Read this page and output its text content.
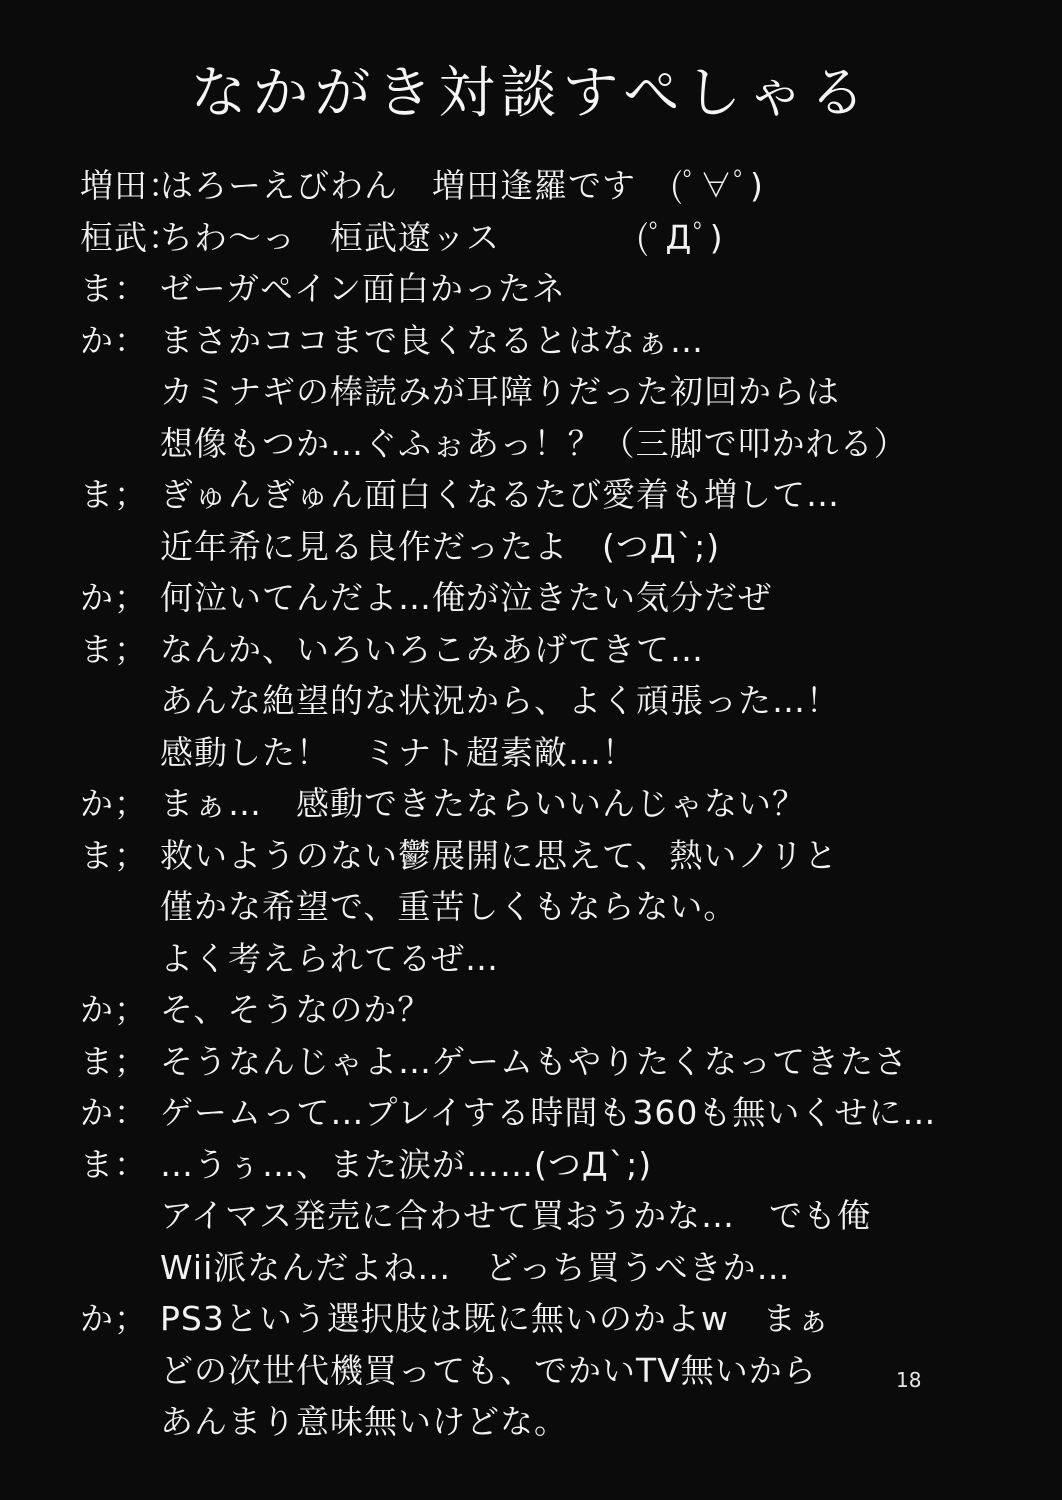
なかがき対談すぺしゃる
増田：
はろーえびわん　増田逢羅です　(ﾟ∀ﾟ)
桓武：
ちわ〜っ　桓武遼ッス　　　　(ﾟДﾟ)
ま： ゼーガペイン面白かったネ
か： まさかココまで良くなるとはなぁ…
カミナギの棒読みが耳障りだった初回からは
想像もつか…ぐふぉあっ！？（三脚で叩かれる）
ま； ぎゅんぎゅん面白くなるたび愛着も増して…
近年希に見る良作だったよ　(つД`;)
か； 何泣いてんだよ…俺が泣きたい気分だぜ
ま； なんか、いろいろこみあげてきて…
あんな絶望的な状況から、よく頑張った…！
感動した！　ミナト超素敵…！
か； まぁ…　感動できたならいいんじゃない？
ま； 救いようのない鬱展開に思えて、熱いノリと
僅かな希望で、重苦しくもならない。
よく考えられてるぜ…
か； そ、そうなのか？
ま； そうなんじゃよ…ゲームもやりたくなってきたさ
か： ゲームって…プレイする時間も360も無いくせに…
ま： …うぅ…、また涙が……(つД`;)
アイマス発売に合わせて買おうかな…　でも俺
Wii派なんだよね…　どっち買うべきか…
か； PS3という選択肢は既に無いのかよw　まぁ
どの次世代機買っても、でかいTV無いから
あんまり意味無いけどな。
18
